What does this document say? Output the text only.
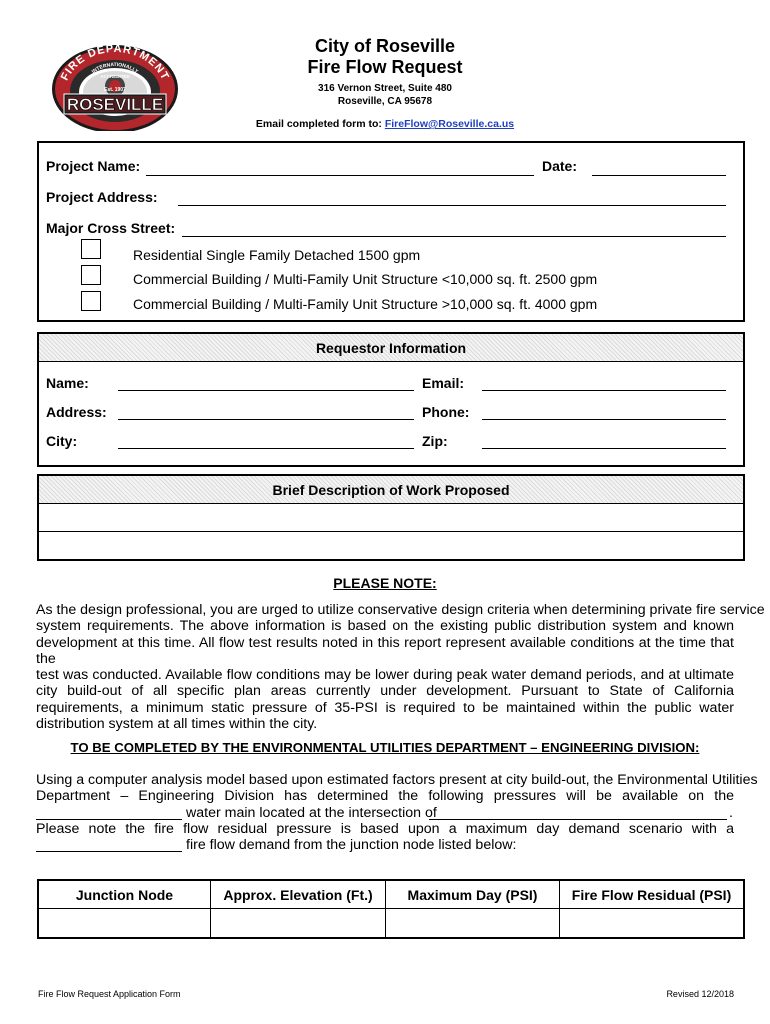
FIRE DEPARTMENT
INTERNATIONALLY
ACCREDITED
Est. 1907
ROSEVILLE
City of Roseville
Fire Flow Request
316 Vernon Street, Suite 480
Roseville, CA 95678
Email completed form to: FireFlow@Roseville.ca.us
Project Name:	Date:
Project Address:
Major Cross Street:
Residential Single Family Detached 1500 gpm
Commercial Building / Multi-Family Unit Structure <10,000 sq. ft. 2500 gpm
Commercial Building / Multi-Family Unit Structure >10,000 sq. ft. 4000 gpm
Requestor Information
Name:	Email:
Address:	Phone:
City:	Zip:
Brief Description of Work Proposed
PLEASE NOTE:
As the design professional, you are urged to utilize conservative design criteria when determining private fire service
system requirements. The above information is based on the existing public distribution system and known
development at this time. All flow test results noted in this report represent available conditions at the time that the
test was conducted. Available flow conditions may be lower during peak water demand periods, and at ultimate
city build-out of all specific plan areas currently under development. Pursuant to State of California
requirements, a minimum static pressure of 35-PSI is required to be maintained within the public water
distribution system at all times within the city.
TO BE COMPLETED BY THE ENVIRONMENTAL UTILITIES DEPARTMENT – ENGINEERING DIVISION:
Using a computer analysis model based upon estimated factors present at city build-out, the Environmental Utilities
Department – Engineering Division has determined the following pressures will be available on the
water main located at the intersection of	.
Please note the fire flow residual pressure is based upon a maximum day demand scenario with a
fire flow demand from the junction node listed below:
Junction Node	Approx. Elevation (Ft.)	Maximum Day (PSI)	Fire Flow Residual (PSI)
Fire Flow Request Application Form	Revised 12/2018
